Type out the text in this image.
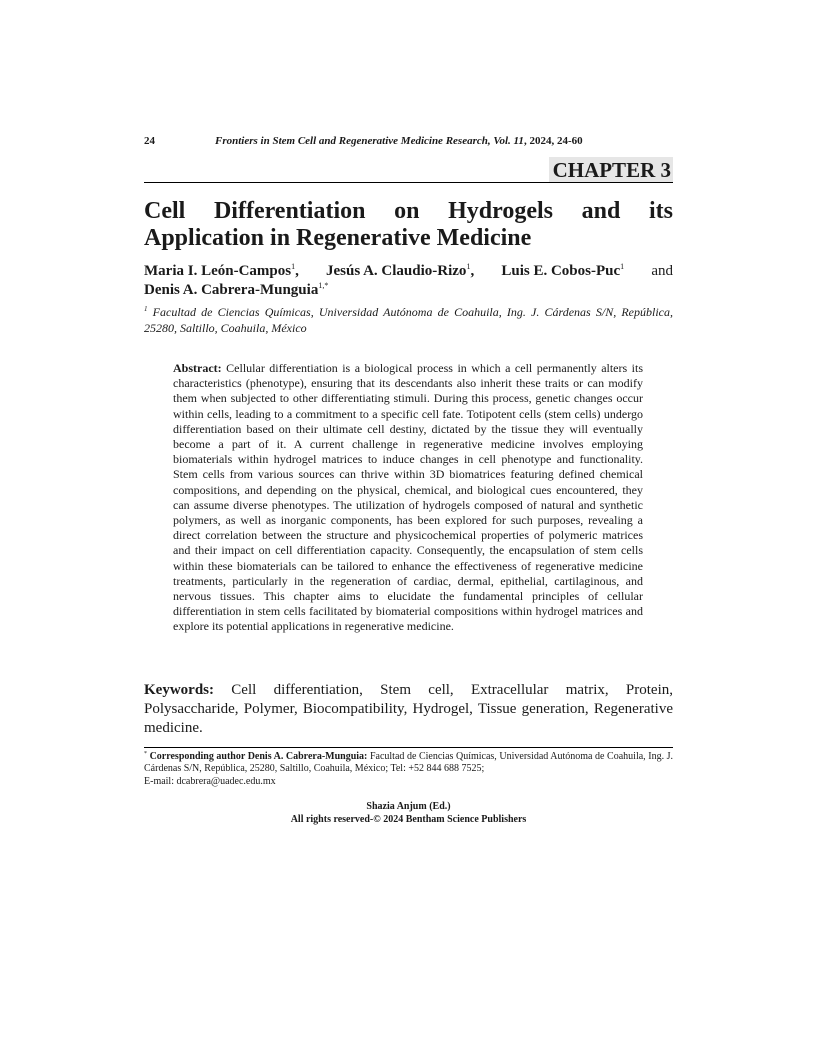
24	Frontiers in Stem Cell and Regenerative Medicine Research, Vol. 11, 2024, 24-60
CHAPTER 3
Cell Differentiation on Hydrogels and its
Application in Regenerative Medicine
Maria I. León-Campos$^1$, Jesús A. Claudio-Rizo$^1$, Luis E. Cobos-Puc$^1$ and
Denis A. Cabrera-Munguia$^{1,*}$
$^1$ Facultad de Ciencias Químicas, Universidad Autónoma de Coahuila, Ing. J. Cárdenas S/N, República, 25280, Saltillo, Coahuila, México

Abstract: Cellular differentiation is a biological process in which a cell permanently alters its characteristics (phenotype), ensuring that its descendants also inherit these traits or can modify them when subjected to other differentiating stimuli. During this process, genetic changes occur within cells, leading to a commitment to a specific cell fate. Totipotent cells (stem cells) undergo differentiation based on their ultimate cell destiny, dictated by the tissue they will eventually become a part of it. A current challenge in regenerative medicine involves employing biomaterials within hydrogel matrices to induce changes in cell phenotype and functionality. Stem cells from various sources can thrive within 3D biomatrices featuring defined chemical compositions, and depending on the physical, chemical, and biological cues encountered, they can assume diverse phenotypes. The utilization of hydrogels composed of natural and synthetic polymers, as well as inorganic components, has been explored for such purposes, revealing a direct correlation between the structure and physicochemical properties of polymeric matrices and their impact on cell differentiation capacity. Consequently, the encapsulation of stem cells within these biomaterials can be tailored to enhance the effectiveness of regenerative medicine treatments, particularly in the regeneration of cardiac, dermal, epithelial, cartilaginous, and nervous tissues. This chapter aims to elucidate the fundamental principles of cellular differentiation in stem cells facilitated by biomaterial compositions within hydrogel matrices and explore its potential applications in regenerative medicine.

Keywords: Cell differentiation, Stem cell, Extracellular matrix, Protein, Polysaccharide, Polymer, Biocompatibility, Hydrogel, Tissue generation, Regenerative medicine.

* Corresponding author Denis A. Cabrera-Munguia: Facultad de Ciencias Químicas, Universidad Autónoma de Coahuila, Ing. J. Cárdenas S/N, República, 25280, Saltillo, Coahuila, México; Tel: +52 844 688 7525;
E-mail: dcabrera@uadec.edu.mx
Shazia Anjum (Ed.)
All rights reserved-© 2024 Bentham Science Publishers
